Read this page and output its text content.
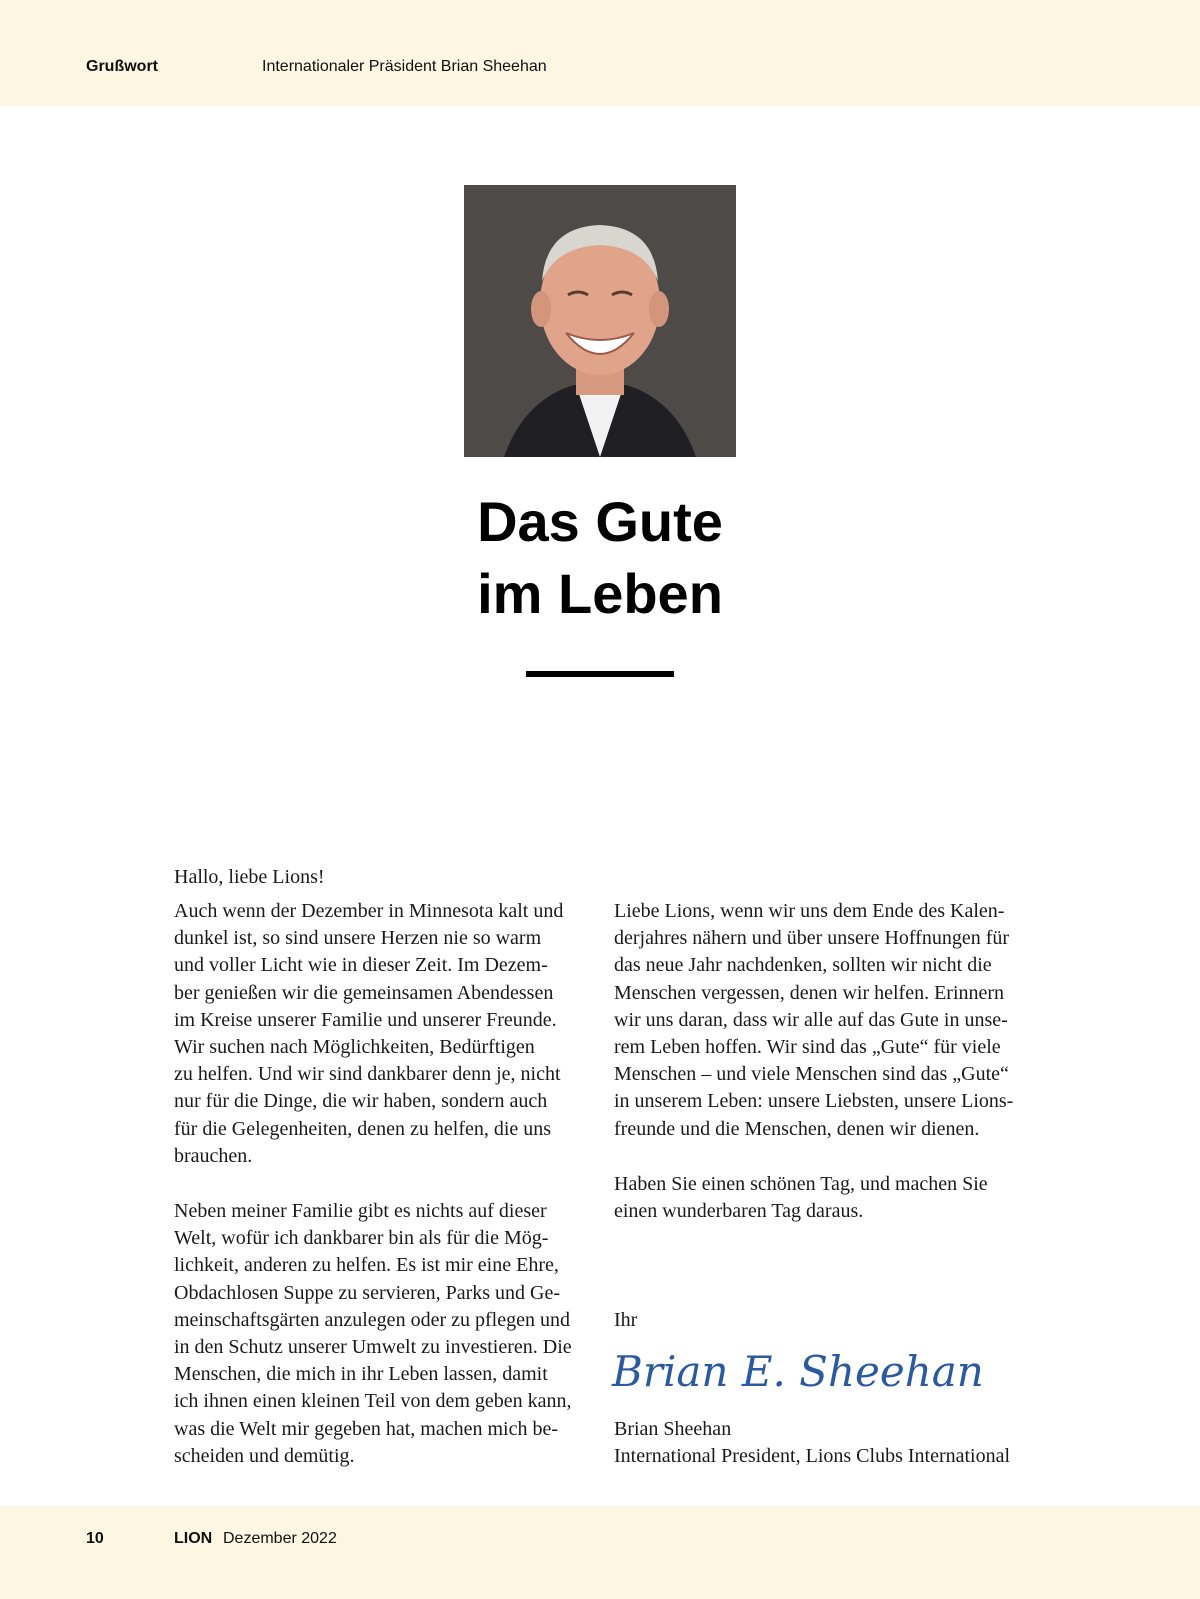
Grußwort	Internationaler Präsident Brian Sheehan
Das Gute
im Leben

Hallo, liebe Lions!

Auch wenn der Dezember in Minnesota kalt und
dunkel ist, so sind unsere Herzen nie so warm
und voller Licht wie in dieser Zeit. Im Dezem-
ber genießen wir die gemeinsamen Abendessen
im Kreise unserer Familie und unserer Freunde.
Wir suchen nach Möglichkeiten, Bedürftigen
zu helfen. Und wir sind dankbarer denn je, nicht
nur für die Dinge, die wir haben, sondern auch
für die Gelegenheiten, denen zu helfen, die uns
brauchen.

Neben meiner Familie gibt es nichts auf dieser
Welt, wofür ich dankbarer bin als für die Mög-
lichkeit, anderen zu helfen. Es ist mir eine Ehre,
Obdachlosen Suppe zu servieren, Parks und Ge-
meinschaftsgärten anzulegen oder zu pflegen und
in den Schutz unserer Umwelt zu investieren. Die
Menschen, die mich in ihr Leben lassen, damit
ich ihnen einen kleinen Teil von dem geben kann,
was die Welt mir gegeben hat, machen mich be-
scheiden und demütig.

Liebe Lions, wenn wir uns dem Ende des Kalen-
derjahres nähern und über unsere Hoffnungen für
das neue Jahr nachdenken, sollten wir nicht die
Menschen vergessen, denen wir helfen. Erinnern
wir uns daran, dass wir alle auf das Gute in unse-
rem Leben hoffen. Wir sind das „Gute“ für viele
Menschen – und viele Menschen sind das „Gute“
in unserem Leben: unsere Liebsten, unsere Lions-
freunde und die Menschen, denen wir dienen.

Haben Sie einen schönen Tag, und machen Sie
einen wunderbaren Tag daraus.

Ihr

Brian E. Sheehan

Brian Sheehan

International President, Lions Clubs International

10	LION Dezember 2022
